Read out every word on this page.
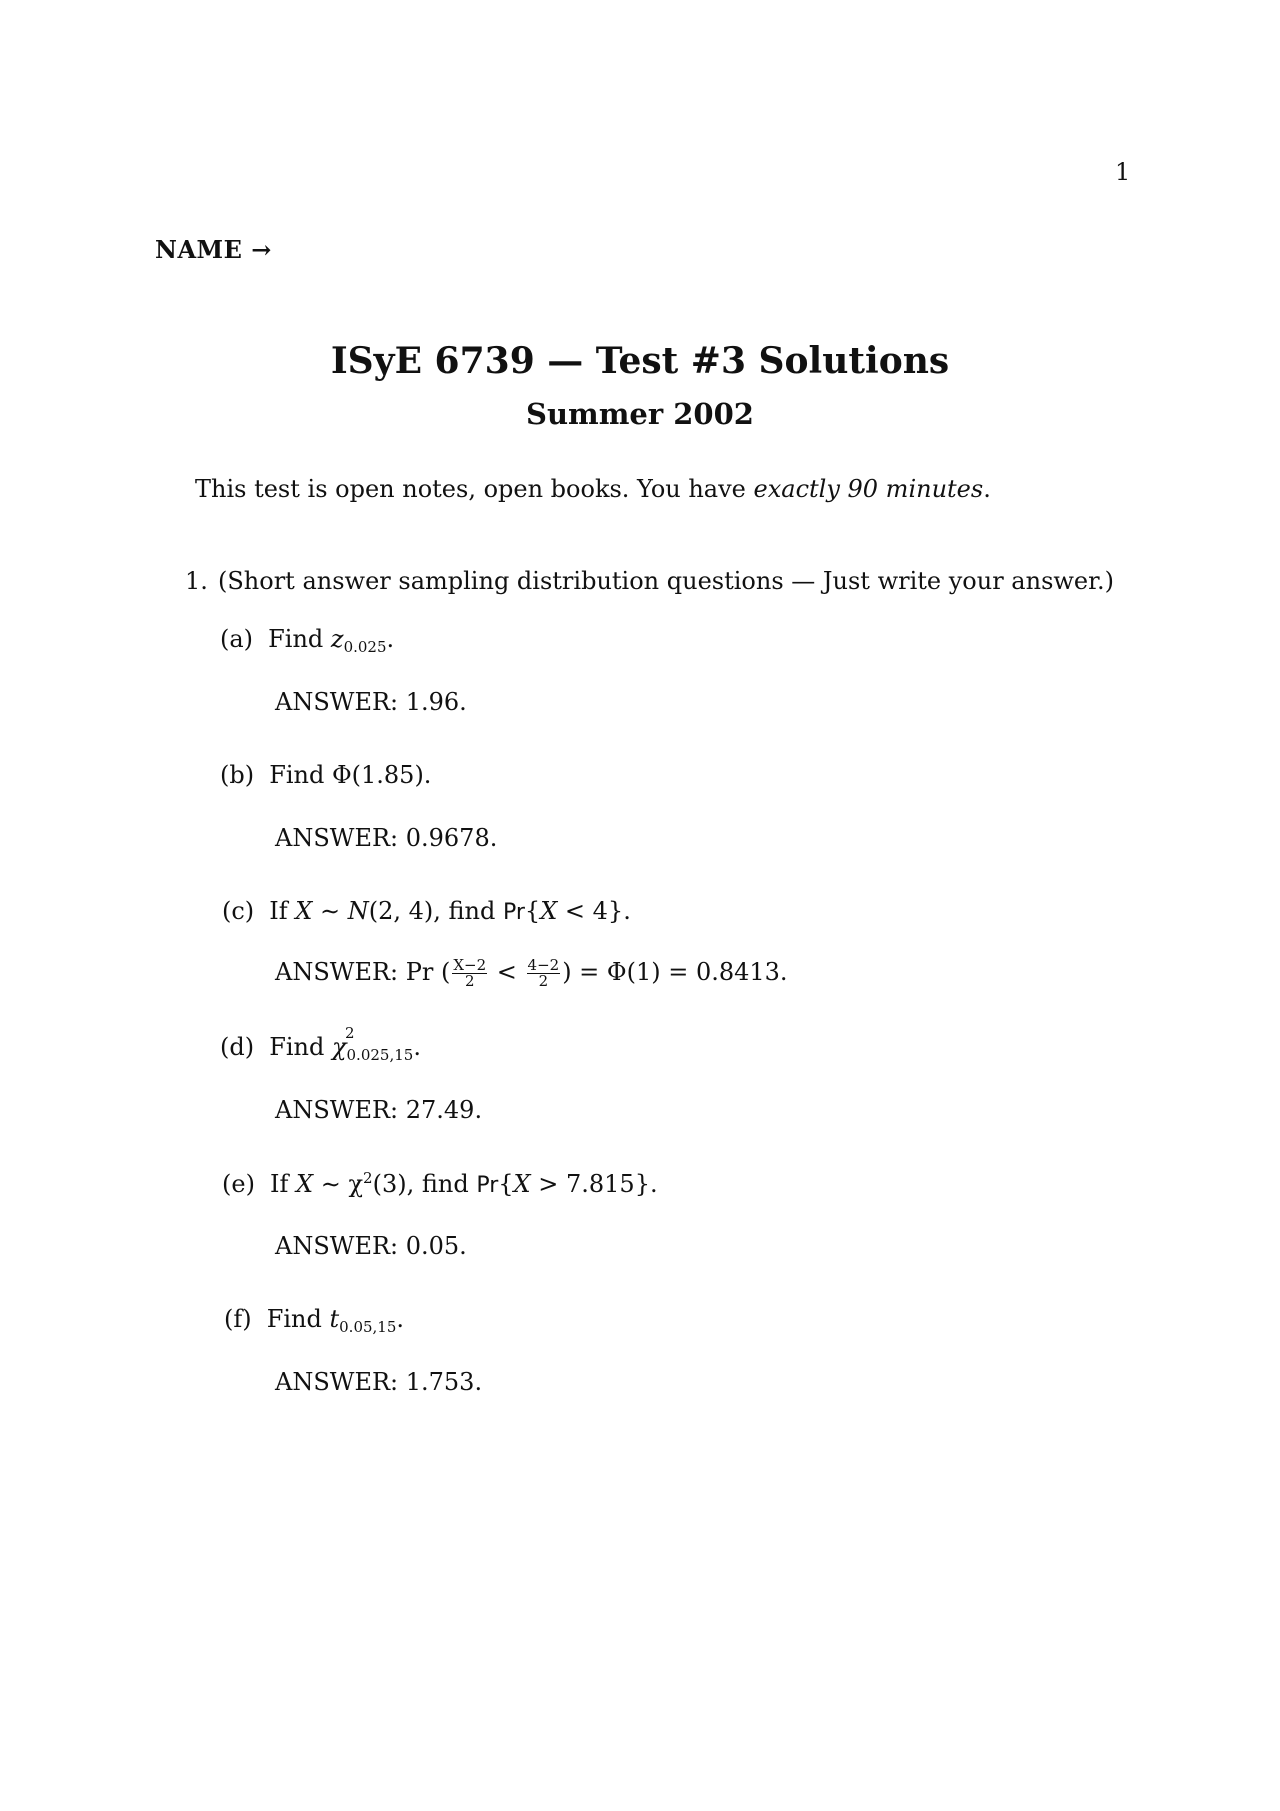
1
NAME →
ISyE 6739 — Test #3 Solutions
Summer 2002
This test is open notes, open books. You have exactly 90 minutes.
1. (Short answer sampling distribution questions — Just write your answer.)
(a) Find $z_{0.025}$.
ANSWER: 1.96.
(b) Find Φ(1.85).
ANSWER: 0.9678.
(c) If X ∼ N(2, 4), find Pr{X < 4}.
ANSWER: Pr ( $\frac{X-2}{2} < \frac{4-2}{2}$ ) = Φ(1) = 0.8413.
(d) Find χ
2
$_{0.025,15}$.
ANSWER: 27.49.
(e) If X ∼ $\chi^2(3)$, find Pr{X > 7.815}.
ANSWER: 0.05.
(f) Find $t_{0.05,15}$.
ANSWER: 1.753.
